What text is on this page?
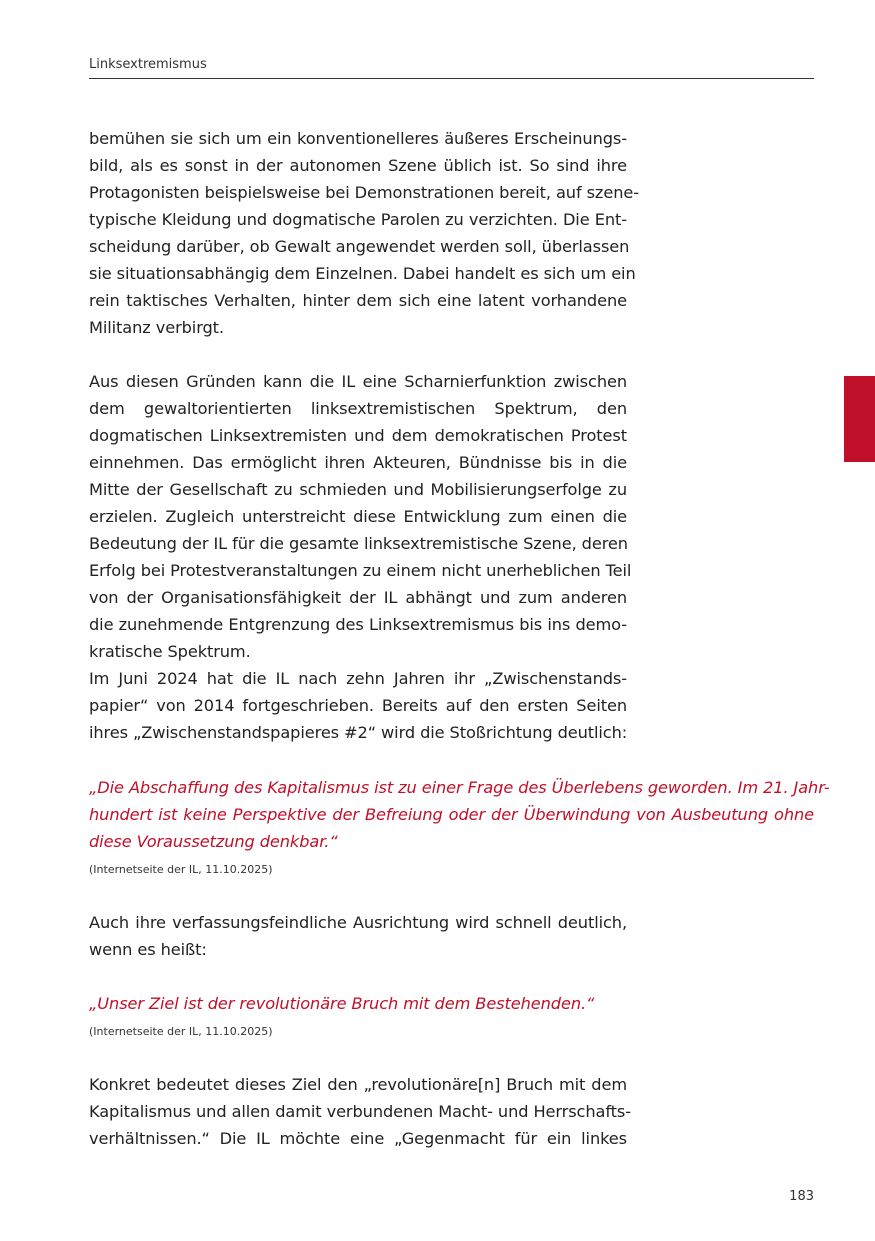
Linksextremismus
bemühen sie sich um ein konventionelleres äußeres Erscheinungs-
bild, als es sonst in der autonomen Szene üblich ist. So sind ihre
Protagonisten beispielsweise bei Demonstrationen bereit, auf szene-
typische Kleidung und dogmatische Parolen zu verzichten. Die Ent-
scheidung darüber, ob Gewalt angewendet werden soll, überlassen
sie situationsabhängig dem Einzelnen. Dabei handelt es sich um ein
rein taktisches Verhalten, hinter dem sich eine latent vorhandene
Militanz verbirgt.
Aus diesen Gründen kann die IL eine Scharnierfunktion zwischen
dem gewaltorientierten linksextremistischen Spektrum, den
dogmatischen Linksextremisten und dem demokratischen Protest
einnehmen. Das ermöglicht ihren Akteuren, Bündnisse bis in die
Mitte der Gesellschaft zu schmieden und Mobilisierungserfolge zu
erzielen. Zugleich unterstreicht diese Entwicklung zum einen die
Bedeutung der IL für die gesamte linksextremistische Szene, deren
Erfolg bei Protestveranstaltungen zu einem nicht unerheblichen Teil
von der Organisationsfähigkeit der IL abhängt und zum anderen
die zunehmende Entgrenzung des Linksextremismus bis ins demo-
kratische Spektrum.
Im Juni 2024 hat die IL nach zehn Jahren ihr „Zwischenstands-
papier“ von 2014 fortgeschrieben. Bereits auf den ersten Seiten
ihres „Zwischenstandspapieres #2“ wird die Stoßrichtung deutlich:
„Die Abschaffung des Kapitalismus ist zu einer Frage des Überlebens geworden. Im 21. Jahr-
hundert ist keine Perspektive der Befreiung oder der Überwindung von Ausbeutung ohne
diese Voraussetzung denkbar.“
(Internetseite der IL, 11.10.2025)
Auch ihre verfassungsfeindliche Ausrichtung wird schnell deutlich,
wenn es heißt:
„Unser Ziel ist der revolutionäre Bruch mit dem Bestehenden.“
(Internetseite der IL, 11.10.2025)
Konkret bedeutet dieses Ziel den „revolutionäre[n] Bruch mit dem
Kapitalismus und allen damit verbundenen Macht- und Herrschafts-
verhältnissen.“ Die IL möchte eine „Gegenmacht für ein linkes
183
